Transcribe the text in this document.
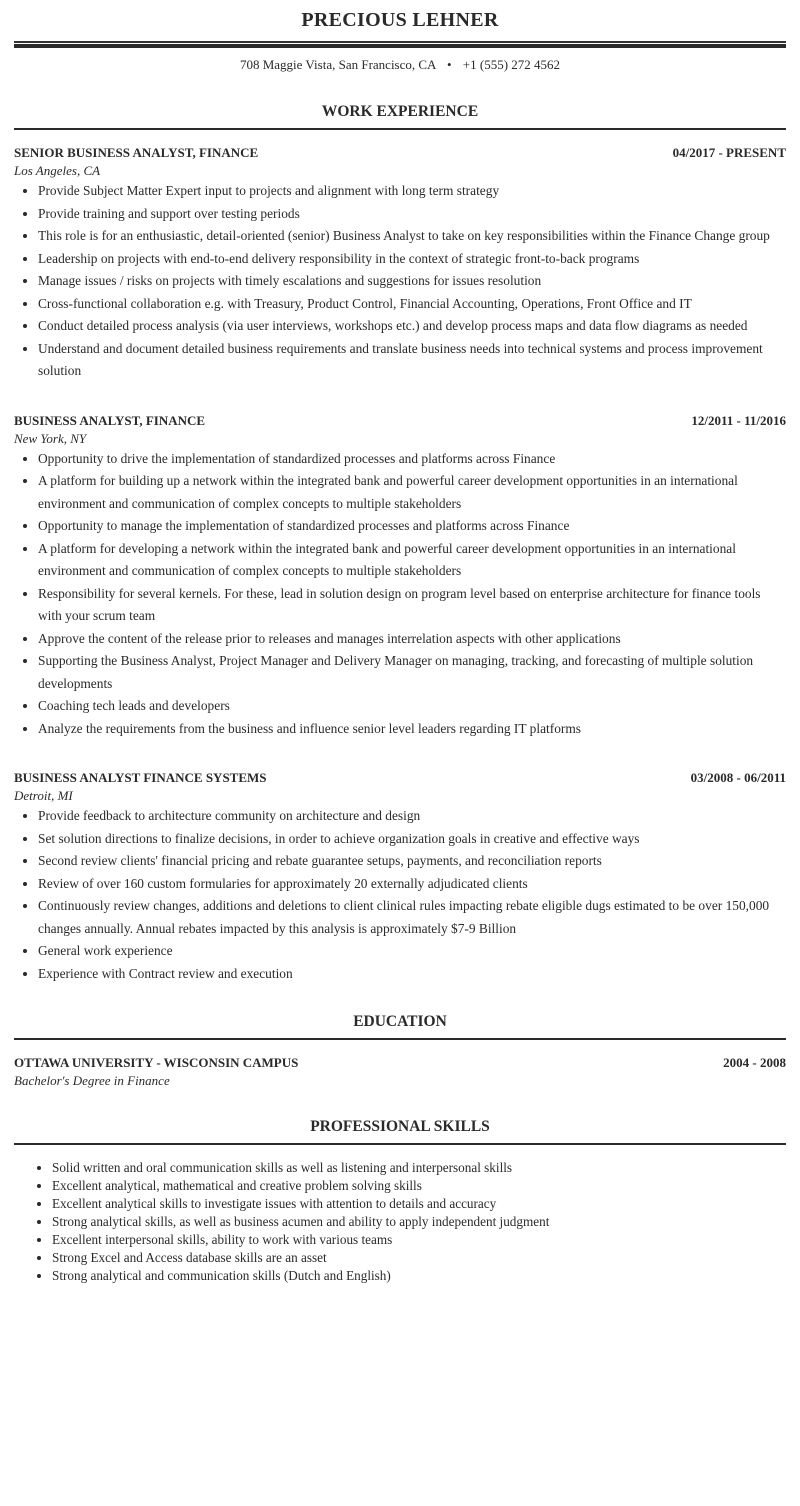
PRECIOUS LEHNER
708 Maggie Vista, San Francisco, CA • +1 (555) 272 4562
WORK EXPERIENCE
SENIOR BUSINESS ANALYST, FINANCE	04/2017 - PRESENT
Los Angeles, CA
• Provide Subject Matter Expert input to projects and alignment with long term strategy
• Provide training and support over testing periods
• This role is for an enthusiastic, detail-oriented (senior) Business Analyst to take on key responsibilities within the Finance Change group
• Leadership on projects with end-to-end delivery responsibility in the context of strategic front-to-back programs
• Manage issues / risks on projects with timely escalations and suggestions for issues resolution
• Cross-functional collaboration e.g. with Treasury, Product Control, Financial Accounting, Operations, Front Office and IT
• Conduct detailed process analysis (via user interviews, workshops etc.) and develop process maps and data flow diagrams as needed
• Understand and document detailed business requirements and translate business needs into technical systems and process improvement solution
BUSINESS ANALYST, FINANCE	12/2011 - 11/2016
New York, NY
• Opportunity to drive the implementation of standardized processes and platforms across Finance
• A platform for building up a network within the integrated bank and powerful career development opportunities in an international environment and communication of complex concepts to multiple stakeholders
• Opportunity to manage the implementation of standardized processes and platforms across Finance
• A platform for developing a network within the integrated bank and powerful career development opportunities in an international environment and communication of complex concepts to multiple stakeholders
• Responsibility for several kernels. For these, lead in solution design on program level based on enterprise architecture for finance tools with your scrum team
• Approve the content of the release prior to releases and manages interrelation aspects with other applications
• Supporting the Business Analyst, Project Manager and Delivery Manager on managing, tracking, and forecasting of multiple solution developments
• Coaching tech leads and developers
• Analyze the requirements from the business and influence senior level leaders regarding IT platforms
BUSINESS ANALYST FINANCE SYSTEMS	03/2008 - 06/2011
Detroit, MI
• Provide feedback to architecture community on architecture and design
• Set solution directions to finalize decisions, in order to achieve organization goals in creative and effective ways
• Second review clients' financial pricing and rebate guarantee setups, payments, and reconciliation reports
• Review of over 160 custom formularies for approximately 20 externally adjudicated clients
• Continuously review changes, additions and deletions to client clinical rules impacting rebate eligible dugs estimated to be over 150,000 changes annually. Annual rebates impacted by this analysis is approximately $7-9 Billion
• General work experience
• Experience with Contract review and execution
EDUCATION
OTTAWA UNIVERSITY - WISCONSIN CAMPUS	2004 - 2008
Bachelor's Degree in Finance
PROFESSIONAL SKILLS
• Solid written and oral communication skills as well as listening and interpersonal skills
• Excellent analytical, mathematical and creative problem solving skills
• Excellent analytical skills to investigate issues with attention to details and accuracy
• Strong analytical skills, as well as business acumen and ability to apply independent judgment
• Excellent interpersonal skills, ability to work with various teams
• Strong Excel and Access database skills are an asset
• Strong analytical and communication skills (Dutch and English)
